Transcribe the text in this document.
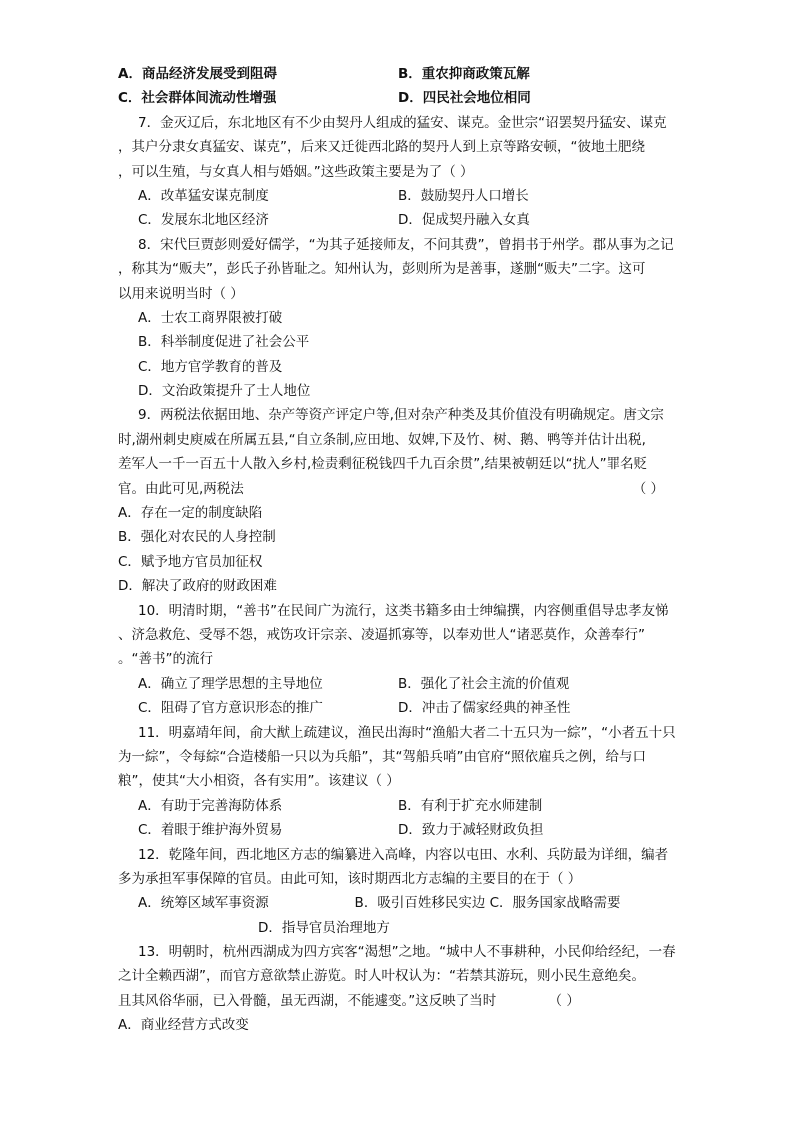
A．商品经济发展受到阻碍	B．重农抑商政策瓦解
C．社会群体间流动性增强	D．四民社会地位相同
7．金灭辽后，东北地区有不少由契丹人组成的猛安、谋克。金世宗“诏罢契丹猛安、谋克
，其户分隶女真猛安、谋克”，后来又迁徙西北路的契丹人到上京等路安顿，“彼地土肥绕
，可以生殖，与女真人相与婚姻。”这些政策主要是为了（ ）
A．改革猛安谋克制度	B．鼓励契丹人口增长
C．发展东北地区经济	D．促成契丹融入女真
8．宋代巨贾彭则爱好儒学，“为其子延接师友，不问其费”，曾捐书于州学。郡从事为之记
，称其为“贩夫”，彭氏子孙皆耻之。知州认为，彭则所为是善事，遂删“贩夫”二字。这可
以用来说明当时（ ）
A．士农工商界限被打破
B．科举制度促进了社会公平
C．地方官学教育的普及
D．文治政策提升了士人地位
9．两税法依据田地、杂产等资产评定户等,但对杂产种类及其价值没有明确规定。唐文宗
时,湖州刺史庾威在所属五县,“自立条制,应田地、奴婢,下及竹、树、鹅、鸭等并估计出税,
差军人一千一百五十人散入乡村,检责剩征税钱四千九百余贯”,结果被朝廷以“扰人”罪名贬
官。由此可见,两税法	（ ）
A．存在一定的制度缺陷
B．强化对农民的人身控制
C．赋予地方官员加征权
D．解决了政府的财政困难
10．明清时期，“善书”在民间广为流行，这类书籍多由士绅编撰，内容侧重倡导忠孝友悌
、济急救危、受辱不怨，戒饬攻讦宗亲、凌逼抓寡等，以奉劝世人“诸恶莫作，众善奉行”
。“善书”的流行
A．确立了理学思想的主导地位	B．强化了社会主流的价值观
C．阻碍了官方意识形态的推广	D．冲击了儒家经典的神圣性
11．明嘉靖年间，俞大猷上疏建议，渔民出海时“渔船大者二十五只为一綜”，“小者五十只
为一綜”，令每綜“合造楼船一只以为兵船”，其“驾船兵哨”由官府“照依雇兵之例，给与口
粮”，使其“大小相资，各有实用”。该建议（ ）
A．有助于完善海防体系	B．有利于扩充水师建制
C．着眼于维护海外贸易	D．致力于减轻财政负担
12．乾隆年间，西北地区方志的编纂进入高峰，内容以屯田、水利、兵防最为详细，编者
多为承担军事保障的官员。由此可知，该时期西北方志编的主要目的在于（ ）
A．统筹区域军事资源                    B．吸引百姓移民实边 C．服务国家战略需要
D．指导官员治理地方
13．明朝时，杭州西湖成为四方宾客“渴想”之地。“城中人不事耕种，小民仰给经纪，一春
之计全赖西湖”，而官方意欲禁止游览。时人叶权认为：“若禁其游玩，则小民生意绝矣。
且其风俗华丽，已入骨髓，虽无西湖，不能遽变。”这反映了当时	（ ）
A．商业经营方式改变
